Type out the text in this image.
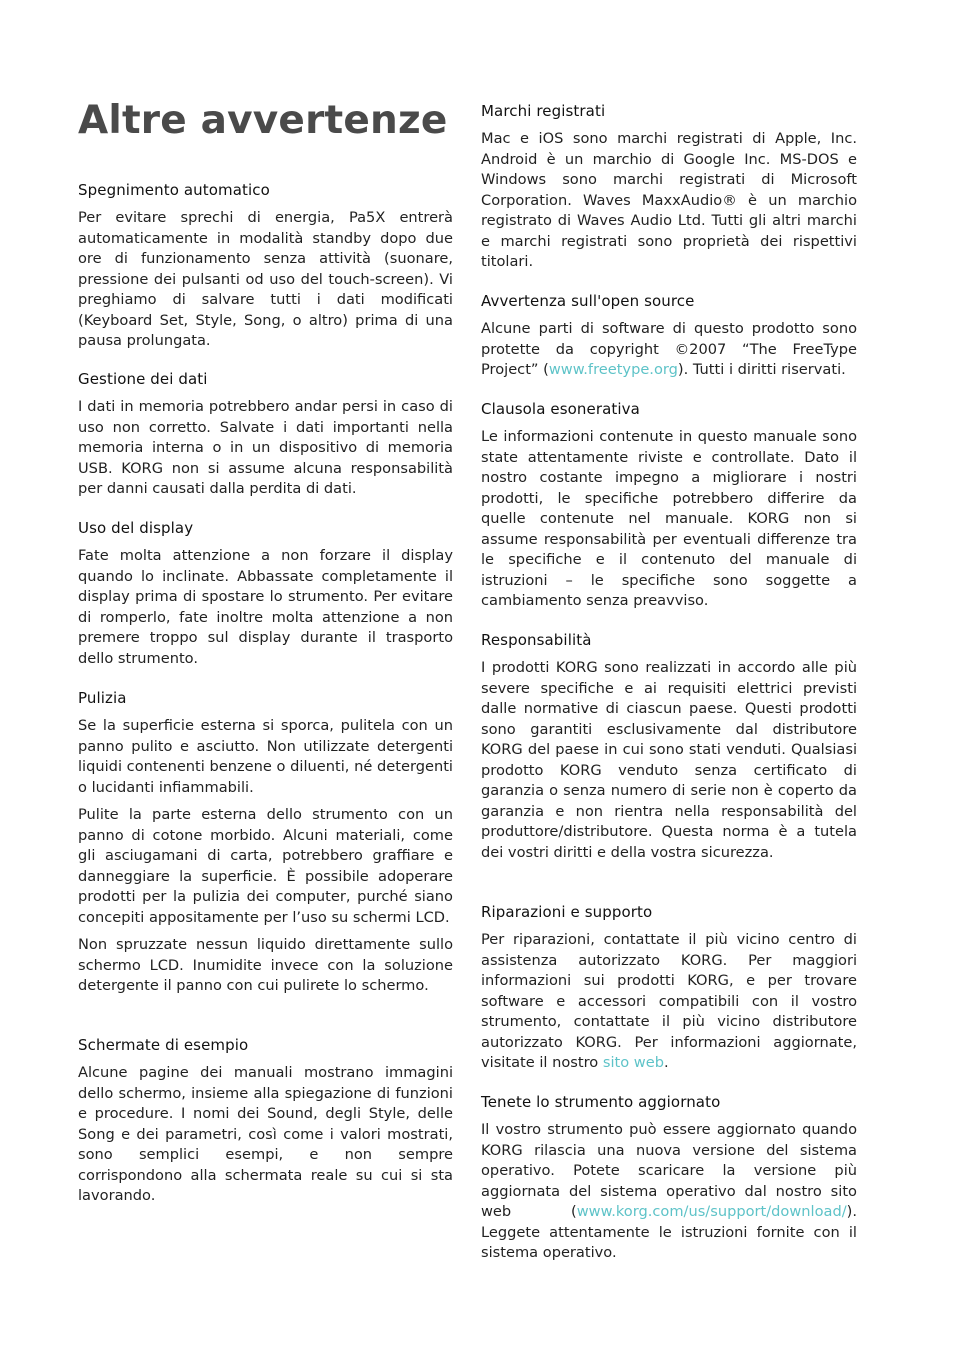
Altre avvertenze
Spegnimento automatico

Per evitare sprechi di energia, Pa5X entrerà automaticamente in modalità standby dopo due ore di funzionamento senza attività (suonare, pressione dei pulsanti od uso del touch-screen). Vi preghiamo di salvare tutti i dati modificati (Keyboard Set, Style, Song, o altro) prima di una pausa prolungata.

Gestione dei dati

I dati in memoria potrebbero andar persi in caso di uso non corretto. Salvate i dati importanti nella memoria interna o in un dispositivo di memoria USB. KORG non si assume alcuna responsabilità per danni causati dalla perdita di dati.

Uso del display

Fate molta attenzione a non forzare il display quando lo inclinate. Abbassate completamente il display prima di spostare lo strumento. Per evitare di romperlo, fate inoltre molta attenzione a non premere troppo sul display durante il trasporto dello strumento.

Pulizia

Se la superficie esterna si sporca, pulitela con un panno pulito e asciutto. Non utilizzate detergenti liquidi contenenti benzene o diluenti, né detergenti o lucidanti infiammabili.

Pulite la parte esterna dello strumento con un panno di cotone morbido. Alcuni materiali, come gli asciugamani di carta, potrebbero graffiare e danneggiare la superficie. È possibile adoperare prodotti per la pulizia dei computer, purché siano concepiti appositamente per l’uso su schermi LCD.

Non spruzzate nessun liquido direttamente sullo schermo LCD. Inumidite invece con la soluzione detergente il panno con cui pulirete lo schermo.

Schermate di esempio

Alcune pagine dei manuali mostrano immagini dello schermo, insieme alla spiegazione di funzioni e procedure. I nomi dei Sound, degli Style, delle Song e dei parametri, così come i valori mostrati, sono semplici esempi, e non sempre corrispondono alla schermata reale su cui si sta lavorando.

Marchi registrati

Mac e iOS sono marchi registrati di Apple, Inc. Android è un marchio di Google Inc. MS-DOS e Windows sono marchi registrati di Microsoft Corporation. Waves MaxxAudio® è un marchio registrato di Waves Audio Ltd. Tutti gli altri marchi e marchi registrati sono proprietà dei rispettivi titolari.

Avvertenza sull'open source

Alcune parti di software di questo prodotto sono protette da copyright ©2007 “The FreeType Project” (www.freetype.org). Tutti i diritti riservati.

Clausola esonerativa

Le informazioni contenute in questo manuale sono state attentamente riviste e controllate. Dato il nostro costante impegno a migliorare i nostri prodotti, le specifiche potrebbero differire da quelle contenute nel manuale. KORG non si assume responsabilità per eventuali differenze tra le specifiche e il contenuto del manuale di istruzioni – le specifiche sono soggette a cambiamento senza preavviso.

Responsabilità

I prodotti KORG sono realizzati in accordo alle più severe specifiche e ai requisiti elettrici previsti dalle normative di ciascun paese. Questi prodotti sono garantiti esclusivamente dal distributore KORG del paese in cui sono stati venduti. Qualsiasi prodotto KORG venduto senza certificato di garanzia o senza numero di serie non è coperto da garanzia e non rientra nella responsabilità del produttore/distributore. Questa norma è a tutela dei vostri diritti e della vostra sicurezza.

Riparazioni e supporto

Per riparazioni, contattate il più vicino centro di assistenza autorizzato KORG. Per maggiori informazioni sui prodotti KORG, e per trovare software e accessori compatibili con il vostro strumento, contattate il più vicino distributore autorizzato KORG. Per informazioni aggiornate, visitate il nostro sito web.

Tenete lo strumento aggiornato

Il vostro strumento può essere aggiornato quando KORG rilascia una nuova versione del sistema operativo. Potete scaricare la versione più aggiornata del sistema operativo dal nostro sito web (www.korg.com/us/support/download/). Leggete attentamente le istruzioni fornite con il sistema operativo.
